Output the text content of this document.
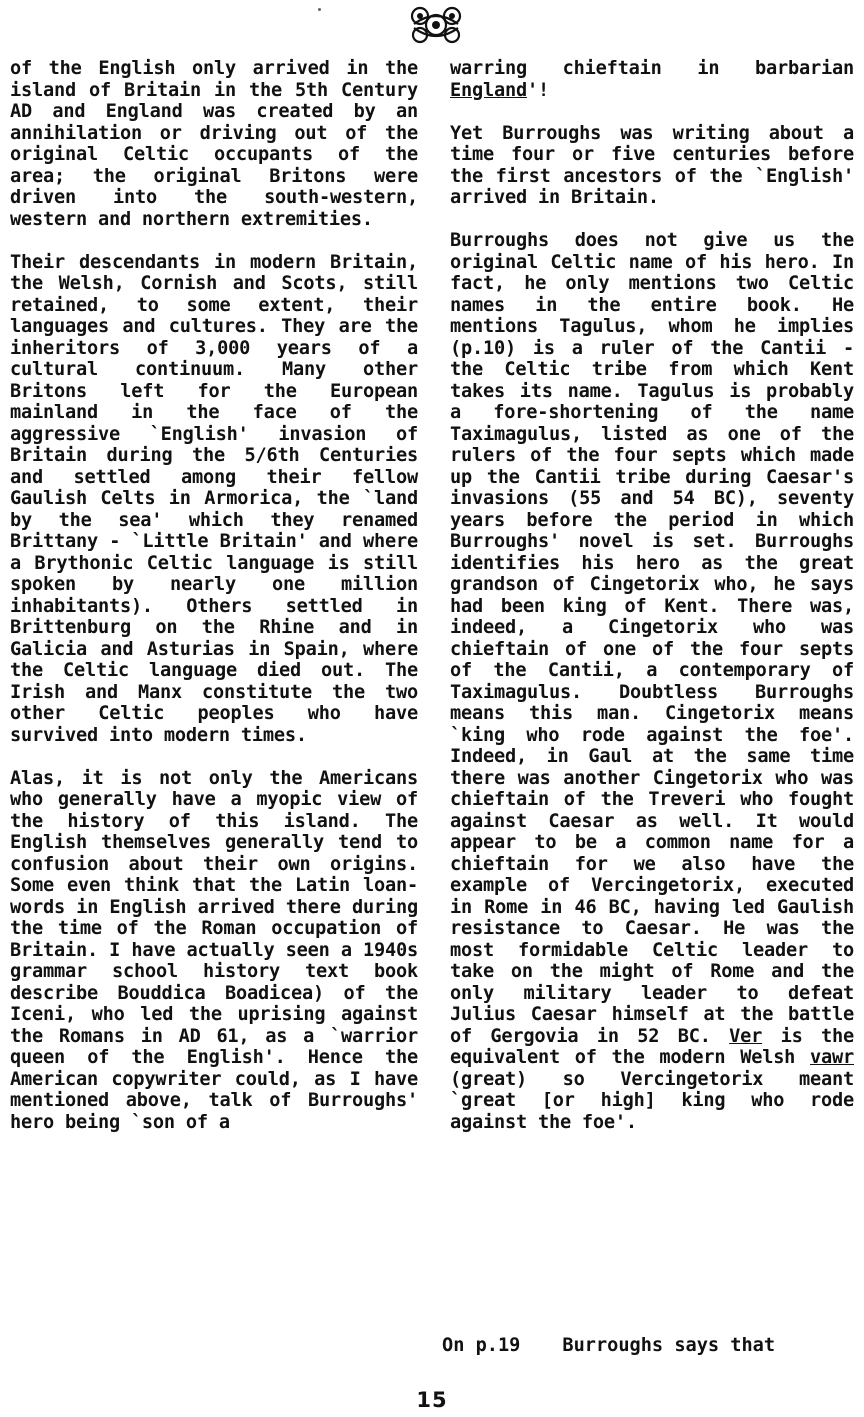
of the English only arrived in the island of Britain in the 5th Century AD and England was created by an annihilation or driving out of the original Celtic occupants of the area; the original Britons were driven into the south-western, western and northern extremities.

Their descendants in modern Britain, the Welsh, Cornish and Scots, still retained, to some extent, their languages and cultures. They are the inheritors of 3,000 years of a cultural continuum. Many other Britons left for the European mainland in the face of the aggressive `English' invasion of Britain during the 5/6th Centuries and settled among their fellow Gaulish Celts in Armorica, the `land by the sea' which they renamed Brittany - `Little Britain' and where a Brythonic Celtic language is still spoken by nearly one million inhabitants). Others settled in Brittenburg on the Rhine and in Galicia and Asturias in Spain, where the Celtic language died out. The Irish and Manx constitute the two other Celtic peoples who have survived into modern times.

Alas, it is not only the Americans who generally have a myopic view of the history of this island. The English themselves generally tend to confusion about their own origins. Some even think that the Latin loan-words in English arrived there during the time of the Roman occupation of Britain. I have actually seen a 1940s grammar school history text book describe Bouddica Boadicea) of the Iceni, who led the uprising against the Romans in AD 61, as a `warrior queen of the English'. Hence the American copywriter could, as I have mentioned above, talk of Burroughs' hero being `son of a

warring chieftain in barbarian England'!

Yet Burroughs was writing about a time four or five centuries before the first ancestors of the `English' arrived in Britain.

Burroughs does not give us the original Celtic name of his hero. In fact, he only mentions two Celtic names in the entire book. He mentions Tagulus, whom he implies (p.10) is a ruler of the Cantii - the Celtic tribe from which Kent takes its name. Tagulus is probably a fore-shortening of the name Taximagulus, listed as one of the rulers of the four septs which made up the Cantii tribe during Caesar's invasions (55 and 54 BC), seventy years before the period in which Burroughs' novel is set. Burroughs identifies his hero as the great grandson of Cingetorix who, he says had been king of Kent. There was, indeed, a Cingetorix who was chieftain of one of the four septs of the Cantii, a contemporary of Taximagulus. Doubtless Burroughs means this man. Cingetorix means `king who rode against the foe'. Indeed, in Gaul at the same time there was another Cingetorix who was chieftain of the Treveri who fought against Caesar as well. It would appear to be a common name for a chieftain for we also have the example of Vercingetorix, executed in Rome in 46 BC, having led Gaulish resistance to Caesar. He was the most formidable Celtic leader to take on the might of Rome and the only military leader to defeat Julius Caesar himself at the battle of Gergovia in 52 BC. Ver is the equivalent of the modern Welsh vawr (great) so Vercingetorix meant `great [or high] king who rode against the foe'.

On p.19 Burroughs says that
15
